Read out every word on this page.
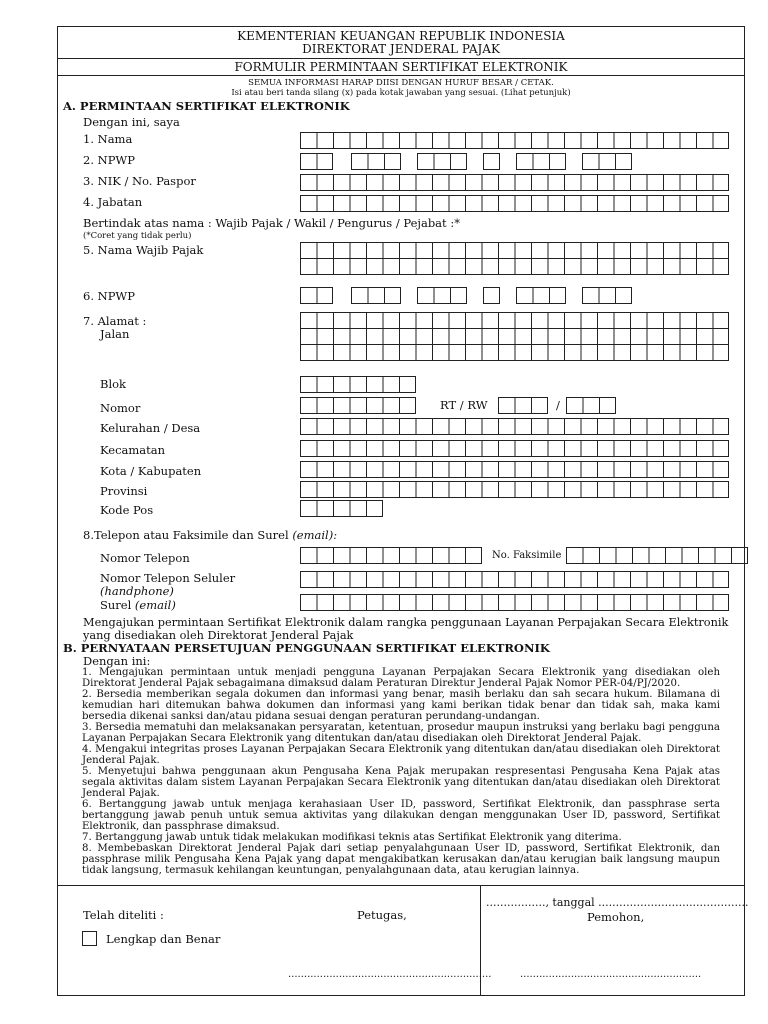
KEMENTERIAN KEUANGAN REPUBLIK INDONESIA
DIREKTORAT JENDERAL PAJAK
FORMULIR PERMINTAAN SERTIFIKAT ELEKTRONIK
SEMUA INFORMASI HARAP DIISI DENGAN HURUF BESAR / CETAK.
Isi atau beri tanda silang (x) pada kotak jawaban yang sesuai. (Lihat petunjuk)
A. PERMINTAAN SERTIFIKAT ELEKTRONIK
Dengan ini, saya
1. Nama
2. NPWP
3. NIK / No. Paspor
4. Jabatan
Bertindak atas nama : Wajib Pajak / Wakil / Pengurus / Pejabat :*
(*Coret yang tidak perlu)
5. Nama Wajib Pajak
6. NPWP
7. Alamat :
Jalan
Blok
Nomor	RT / RW	/
Kelurahan / Desa
Kecamatan
Kota / Kabupaten
Provinsi
Kode Pos
8.Telepon atau Faksimile dan Surel (email):
Nomor Telepon	No. Faksimile
Nomor Telepon Seluler
(handphone)
Surel (email)
Mengajukan permintaan Sertifikat Elektronik dalam rangka penggunaan Layanan Perpajakan Secara Elektronik
yang disediakan oleh Direktorat Jenderal Pajak
B. PERNYATAAN PERSETUJUAN PENGGUNAAN SERTIFIKAT ELEKTRONIK
Dengan ini:
1. Mengajukan permintaan untuk menjadi pengguna Layanan Perpajakan Secara Elektronik yang disediakan oleh Direktorat Jenderal Pajak sebagaimana dimaksud dalam Peraturan Direktur Jenderal Pajak Nomor PER-04/PJ/2020.
2. Bersedia memberikan segala dokumen dan informasi yang benar, masih berlaku dan sah secara hukum. Bilamana di kemudian hari ditemukan bahwa dokumen dan informasi yang kami berikan tidak benar dan tidak sah, maka kami bersedia dikenai sanksi dan/atau pidana sesuai dengan peraturan perundang-undangan.
3. Bersedia mematuhi dan melaksanakan persyaratan, ketentuan, prosedur maupun instruksi yang berlaku bagi pengguna Layanan Perpajakan Secara Elektronik yang ditentukan dan/atau disediakan oleh Direktorat Jenderal Pajak.
4. Mengakui integritas proses Layanan Perpajakan Secara Elektronik yang ditentukan dan/atau disediakan oleh Direktorat Jenderal Pajak.
5. Menyetujui bahwa penggunaan akun Pengusaha Kena Pajak merupakan respresentasi Pengusaha Kena Pajak atas segala aktivitas dalam sistem Layanan Perpajakan Secara Elektronik yang ditentukan dan/atau disediakan oleh Direktorat Jenderal Pajak.
6. Bertanggung jawab untuk menjaga kerahasiaan User ID, password, Sertifikat Elektronik, dan passphrase serta bertanggung jawab penuh untuk semua aktivitas yang dilakukan dengan menggunakan User ID, password, Sertifikat Elektronik, dan passphrase dimaksud.
7. Bertanggung jawab untuk tidak melakukan modifikasi teknis atas Sertifikat Elektronik yang diterima.
8. Membebaskan Direktorat Jenderal Pajak dari setiap penyalahgunaan User ID, password, Sertifikat Elektronik, dan passphrase milik Pengusaha Kena Pajak yang dapat mengakibatkan kerusakan dan/atau kerugian baik langsung maupun tidak langsung, termasuk kehilangan keuntungan, penyalahgunaan data, atau kerugian lainnya.
Telah diteliti :	Petugas,
................., tanggal ...........................................
Pemohon,
Lengkap dan Benar
................................................................	.........................................................
